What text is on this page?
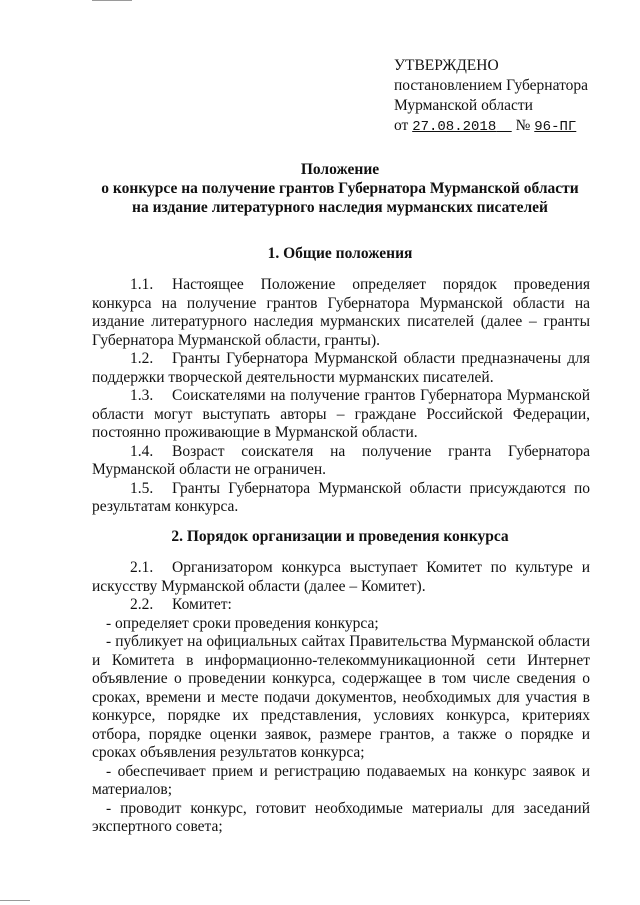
УТВЕРЖДЕНО
постановлением Губернатора
Мурманской области
от 27.08.2018 № 96-ПГ
Положение
о конкурсе на получение грантов Губернатора Мурманской области
на издание литературного наследия мурманских писателей
1. Общие положения

1.1. Настоящее Положение определяет порядок проведения конкурса на получение грантов Губернатора Мурманской области на издание литературного наследия мурманских писателей (далее – гранты Губернатора Мурманской области, гранты).

1.2. Гранты Губернатора Мурманской области предназначены для поддержки творческой деятельности мурманских писателей.

1.3. Соискателями на получение грантов Губернатора Мурманской области могут выступать авторы – граждане Российской Федерации, постоянно проживающие в Мурманской области.

1.4. Возраст соискателя на получение гранта Губернатора Мурманской области не ограничен.

1.5. Гранты Губернатора Мурманской области присуждаются по результатам конкурса.

2. Порядок организации и проведения конкурса

2.1. Организатором конкурса выступает Комитет по культуре и искусству Мурманской области (далее – Комитет).

2.2. Комитет:

- определяет сроки проведения конкурса;

- публикует на официальных сайтах Правительства Мурманской области и Комитета в информационно-телекоммуникационной сети Интернет объявление о проведении конкурса, содержащее в том числе сведения о сроках, времени и месте подачи документов, необходимых для участия в конкурсе, порядке их представления, условиях конкурса, критериях отбора, порядке оценки заявок, размере грантов, а также о порядке и сроках объявления результатов конкурса;

- обеспечивает прием и регистрацию подаваемых на конкурс заявок и материалов;

- проводит конкурс, готовит необходимые материалы для заседаний экспертного совета;
